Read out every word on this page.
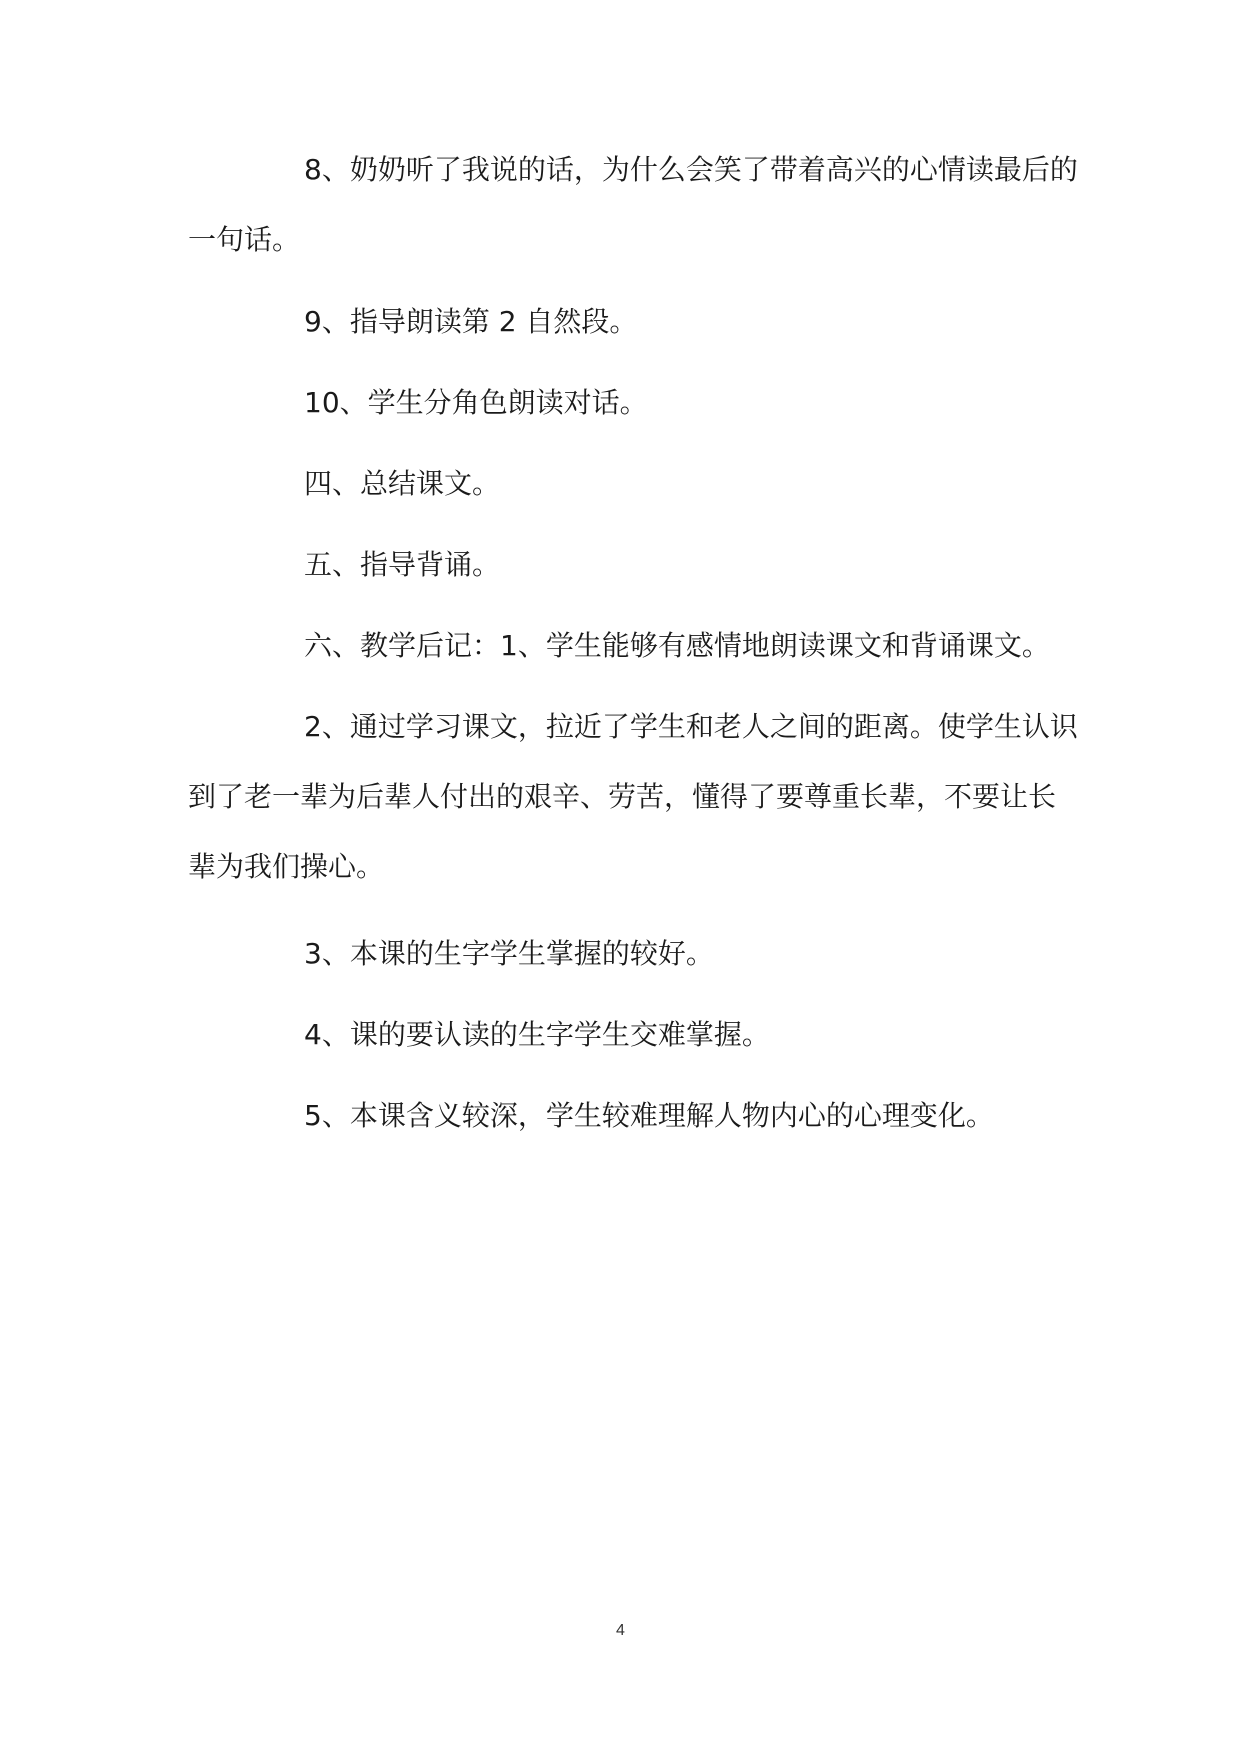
8、奶奶听了我说的话，为什么会笑了带着高兴的心情读最后的一句话。

9、指导朗读第 2 自然段。

10、学生分角色朗读对话。

四、总结课文。

五、指导背诵。

六、教学后记：1、学生能够有感情地朗读课文和背诵课文。

2、通过学习课文，拉近了学生和老人之间的距离。使学生认识到了老一辈为后辈人付出的艰辛、劳苦，懂得了要尊重长辈，不要让长辈为我们操心。

3、本课的生字学生掌握的较好。

4、课的要认读的生字学生交难掌握。

5、本课含义较深，学生较难理解人物内心的心理变化。

4
